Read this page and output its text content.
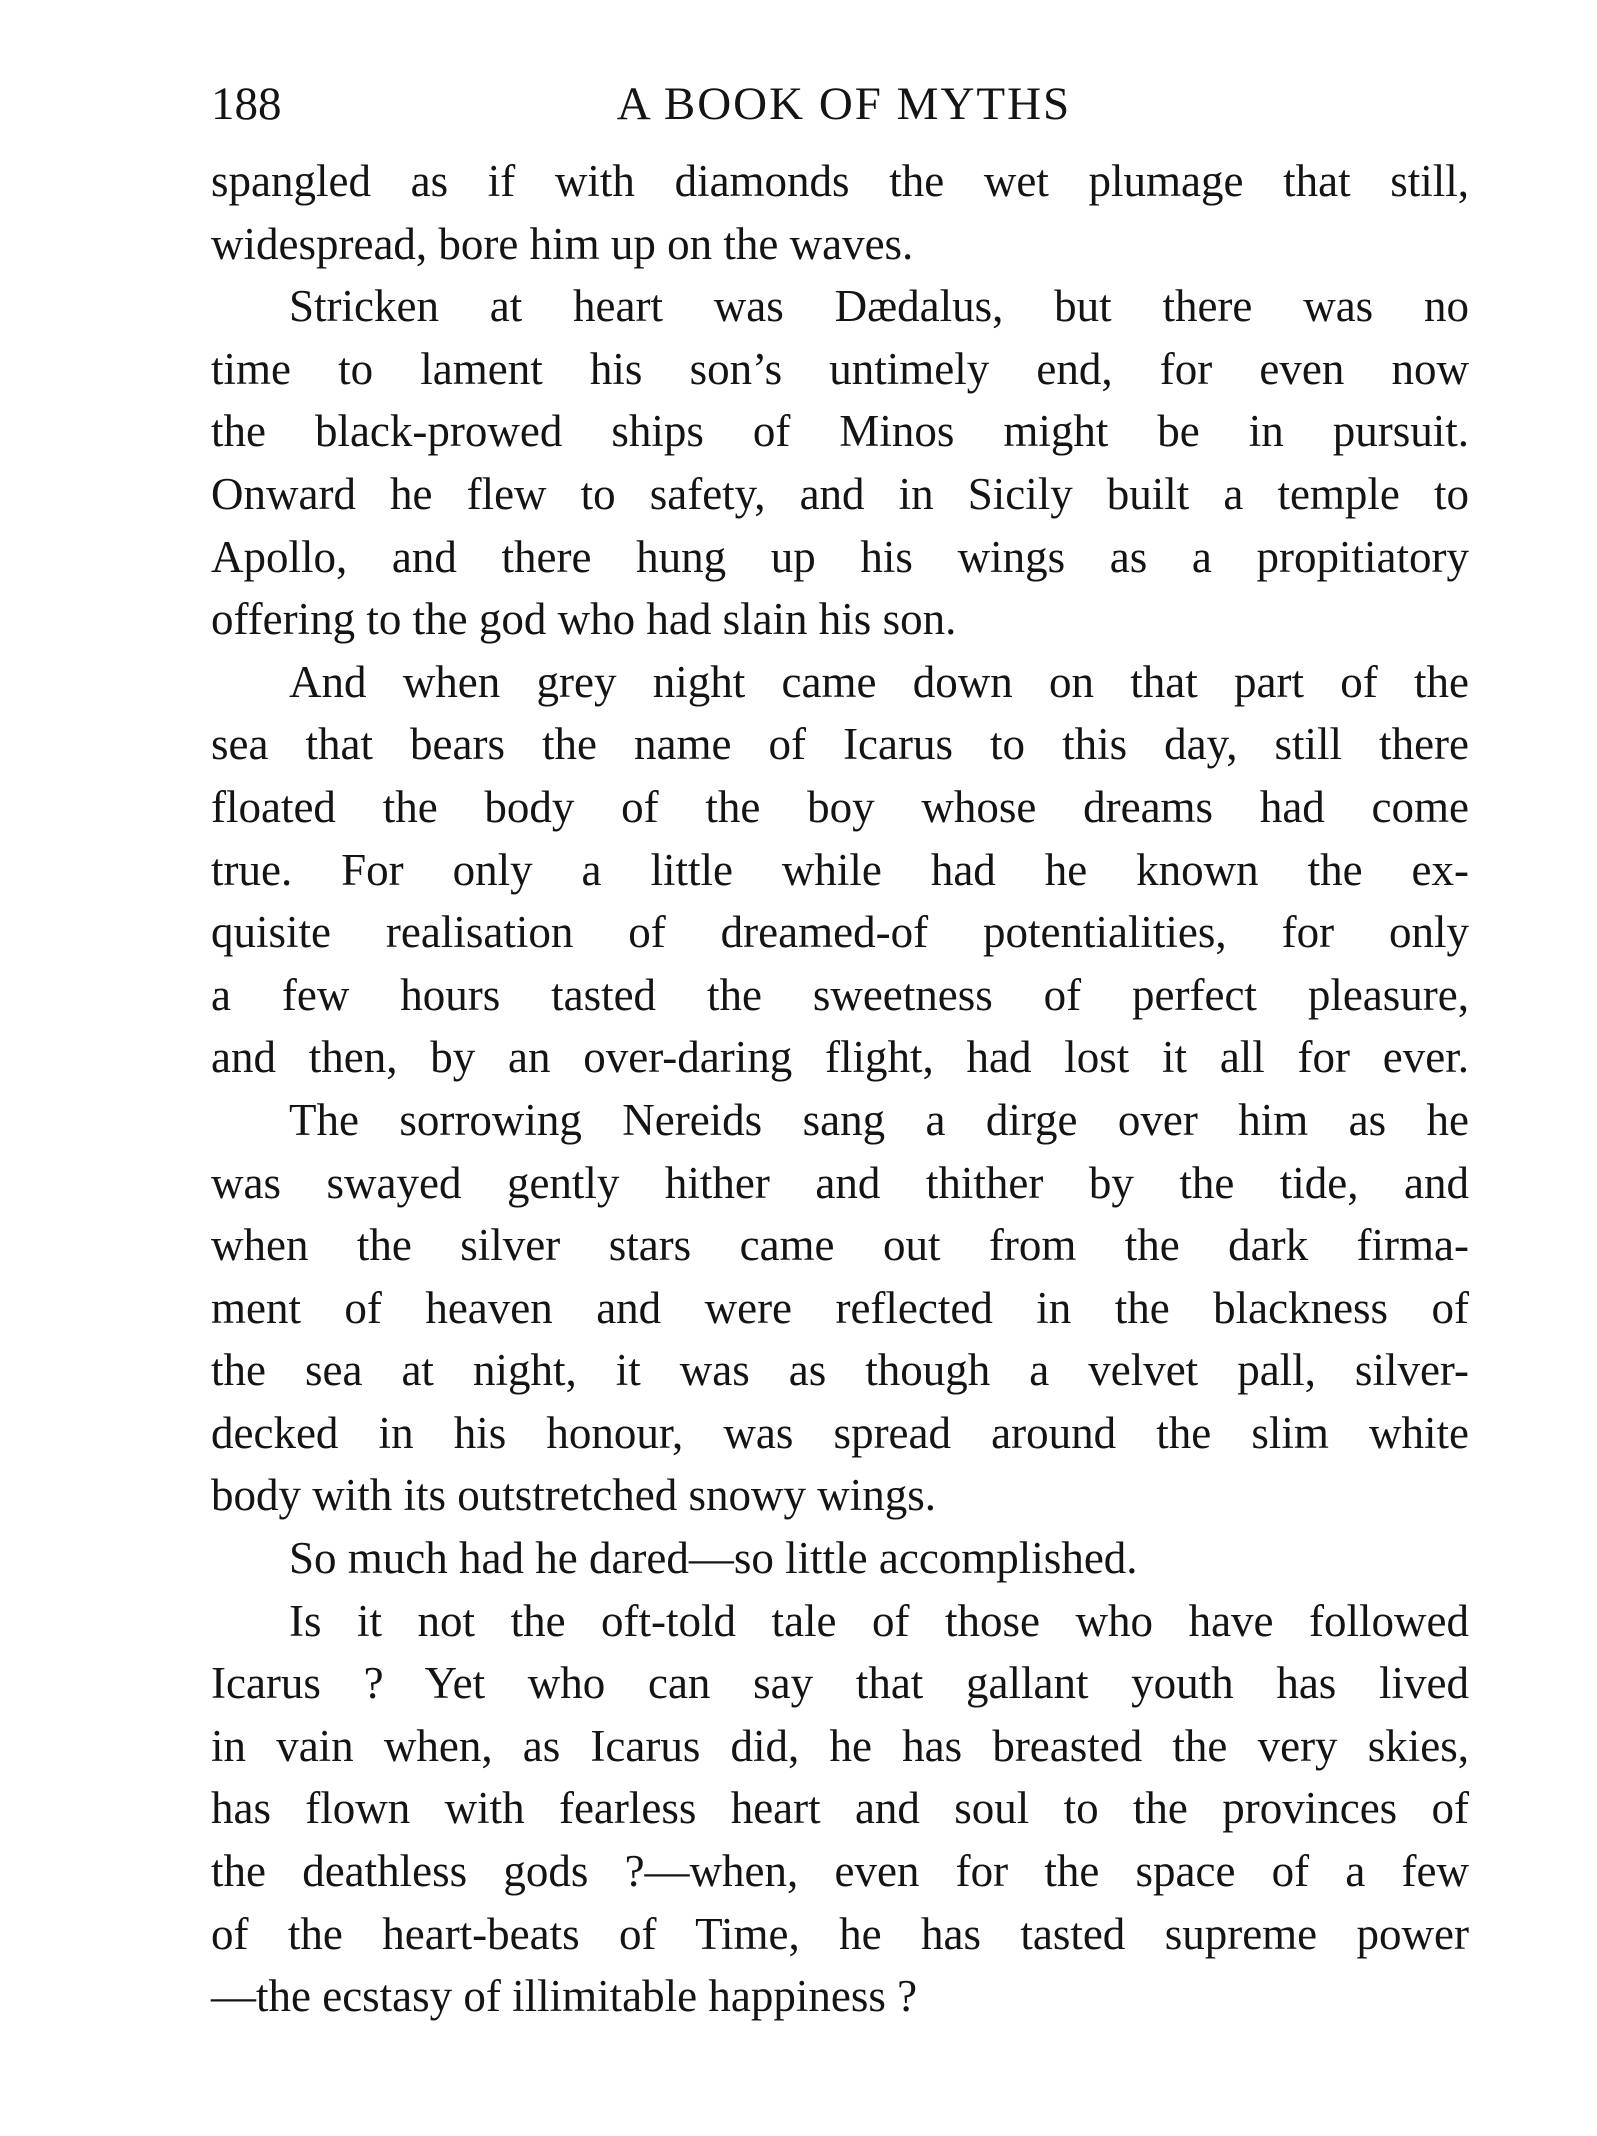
188	A BOOK OF MYTHS
spangled as if with diamonds the wet plumage that still,
widespread, bore him up on the waves.
Stricken at heart was Dædalus, but there was no
time to lament his son’s untimely end, for even now
the black-prowed ships of Minos might be in pursuit.
Onward he flew to safety, and in Sicily built a temple to
Apollo, and there hung up his wings as a propitiatory
offering to the god who had slain his son.
And when grey night came down on that part of the
sea that bears the name of Icarus to this day, still there
floated the body of the boy whose dreams had come
true. For only a little while had he known the ex-
quisite realisation of dreamed-of potentialities, for only
a few hours tasted the sweetness of perfect pleasure,
and then, by an over-daring flight, had lost it all for ever.
The sorrowing Nereids sang a dirge over him as he
was swayed gently hither and thither by the tide, and
when the silver stars came out from the dark firma-
ment of heaven and were reflected in the blackness of
the sea at night, it was as though a velvet pall, silver-
decked in his honour, was spread around the slim white
body with its outstretched snowy wings.
So much had he dared—so little accomplished.
Is it not the oft-told tale of those who have followed
Icarus ? Yet who can say that gallant youth has lived
in vain when, as Icarus did, he has breasted the very skies,
has flown with fearless heart and soul to the provinces of
the deathless gods ?—when, even for the space of a few
of the heart-beats of Time, he has tasted supreme power
—the ecstasy of illimitable happiness ?
